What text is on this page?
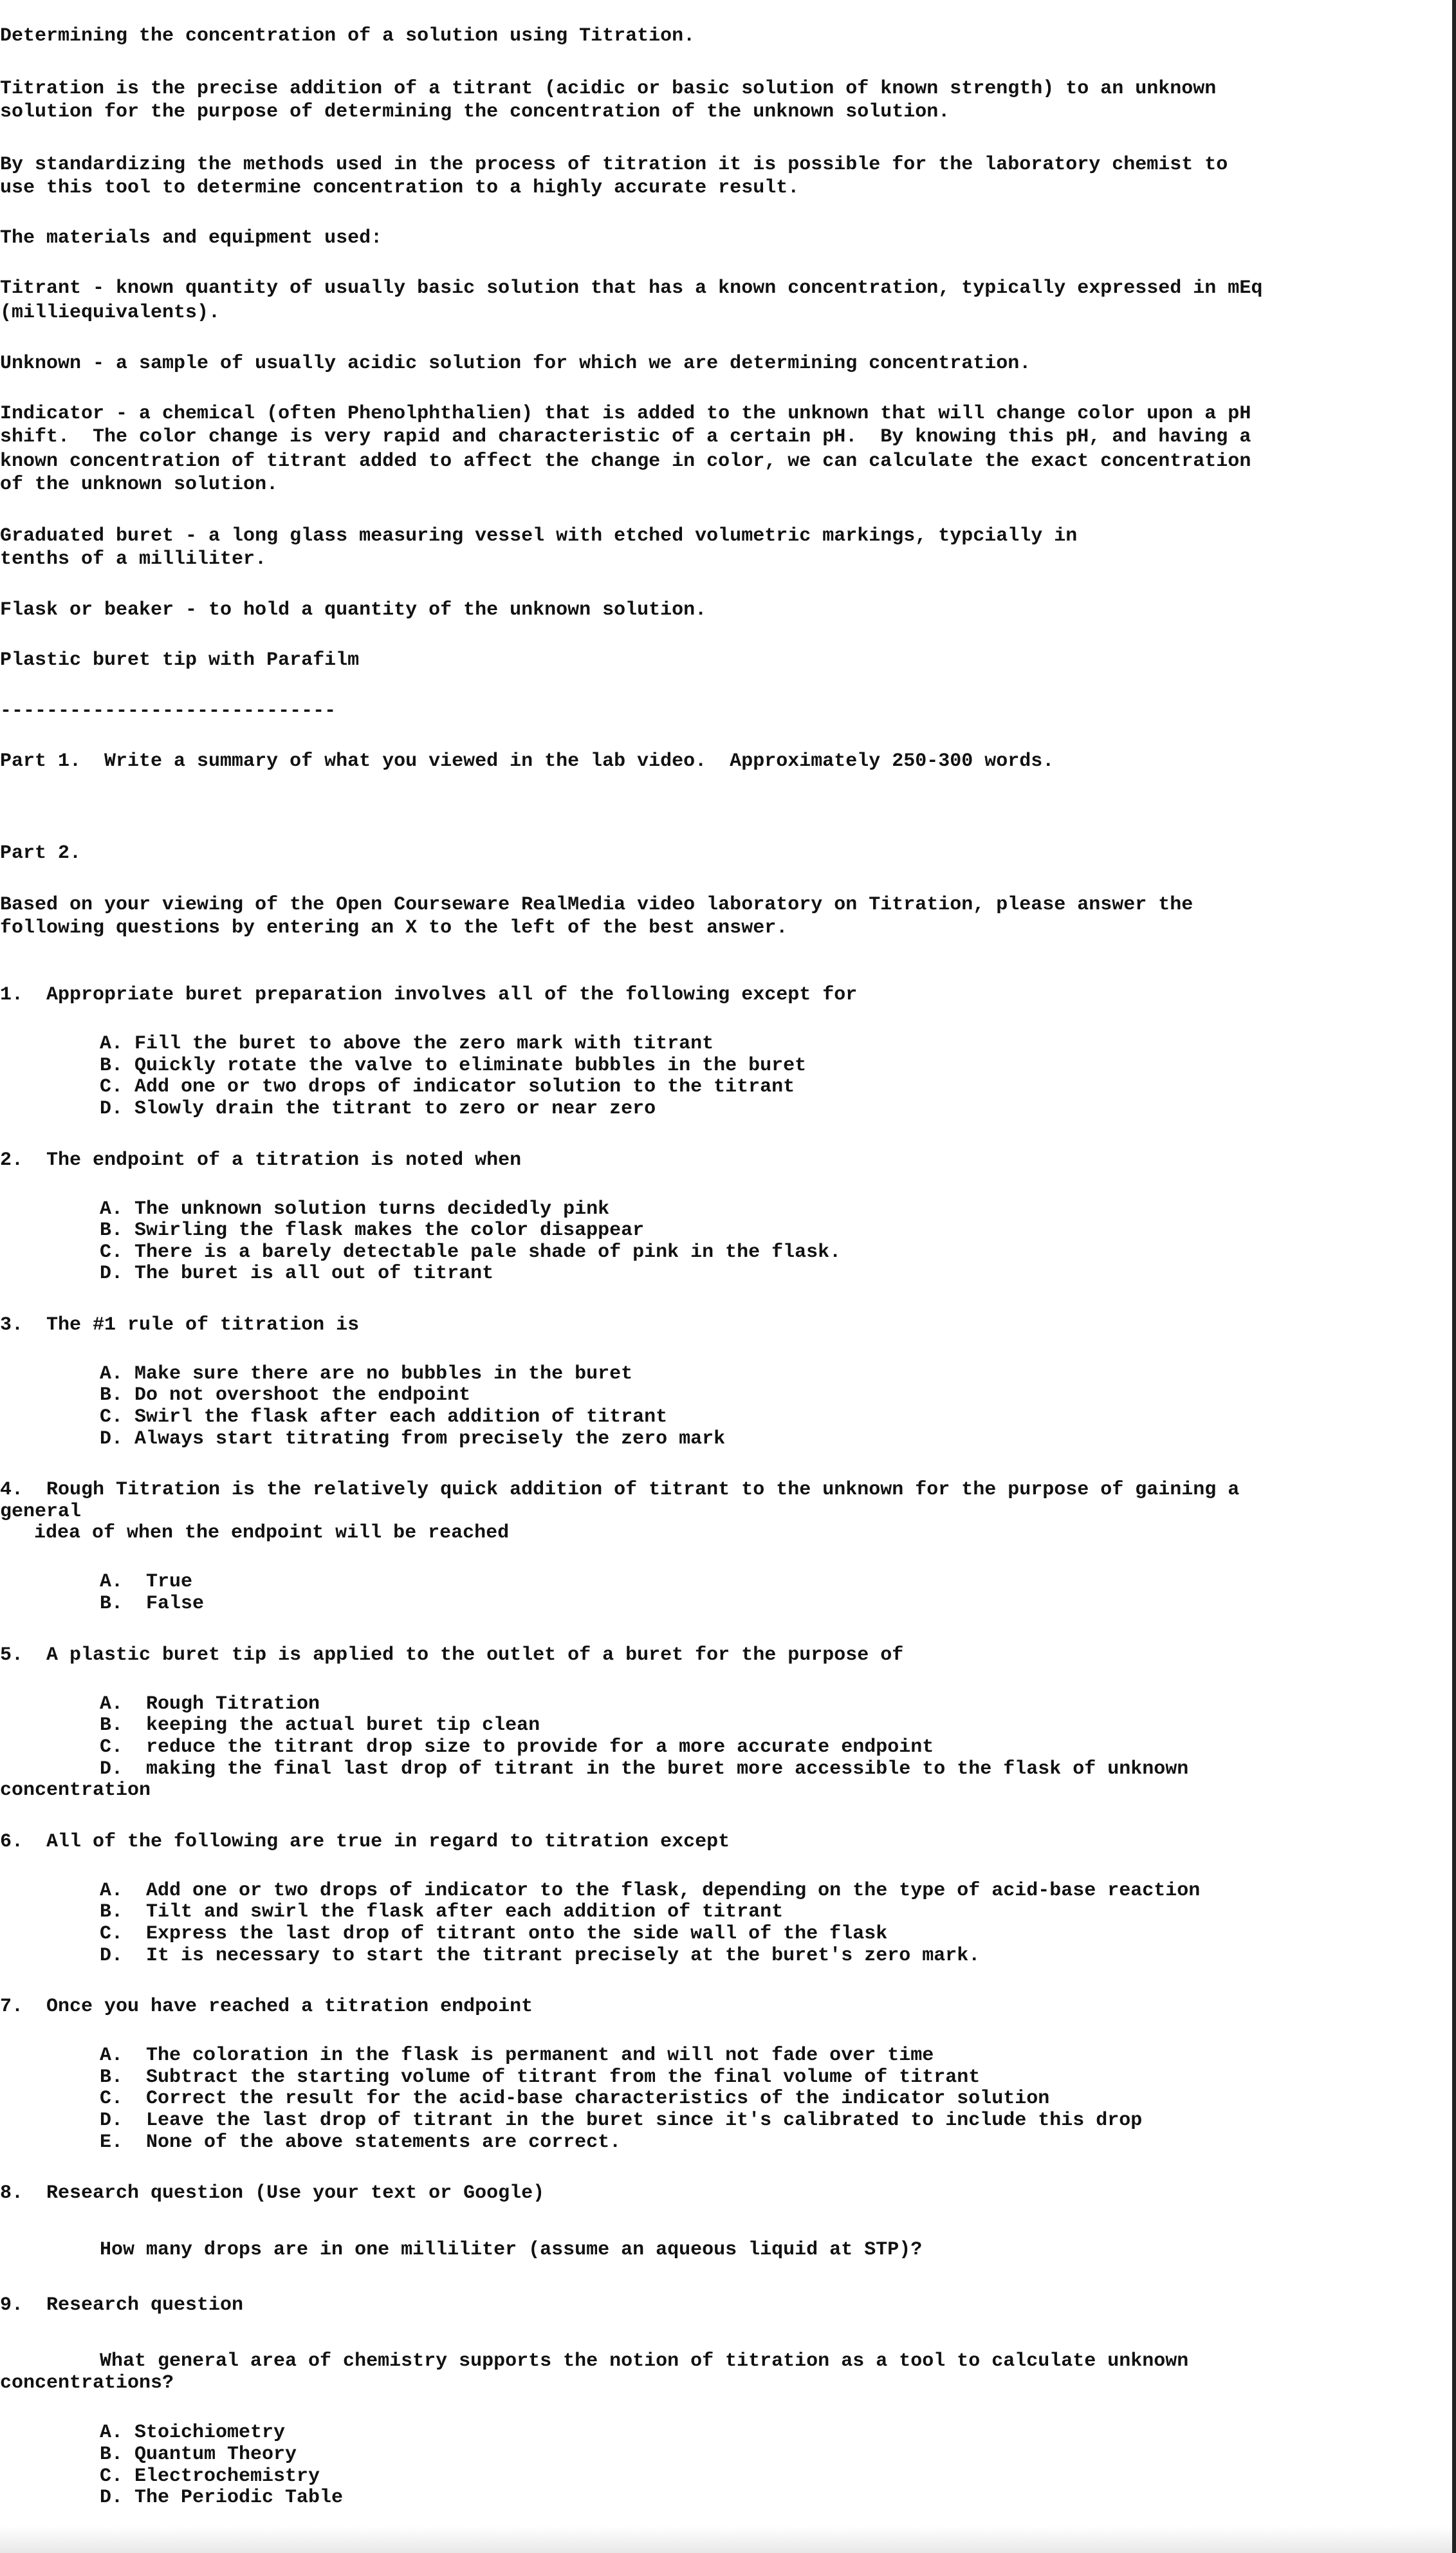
Determining the concentration of a solution using Titration.
Titration is the precise addition of a titrant (acidic or basic solution of known strength) to an unknown
solution for the purpose of determining the concentration of the unknown solution.
By standardizing the methods used in the process of titration it is possible for the laboratory chemist to
use this tool to determine concentration to a highly accurate result.
The materials and equipment used:
Titrant - known quantity of usually basic solution that has a known concentration, typically expressed in mEq
(milliequivalents).
Unknown - a sample of usually acidic solution for which we are determining concentration.
Indicator - a chemical (often Phenolphthalien) that is added to the unknown that will change color upon a pH
shift.  The color change is very rapid and characteristic of a certain pH.  By knowing this pH, and having a
known concentration of titrant added to affect the change in color, we can calculate the exact concentration
of the unknown solution.
Graduated buret - a long glass measuring vessel with etched volumetric markings, typcially in
tenths of a milliliter.
Flask or beaker - to hold a quantity of the unknown solution.
Plastic buret tip with Parafilm
-----------------------------
Part 1.  Write a summary of what you viewed in the lab video.  Approximately 250-300 words.
Part 2.
Based on your viewing of the Open Courseware RealMedia video laboratory on Titration, please answer the
following questions by entering an X to the left of the best answer.
1.  Appropriate buret preparation involves all of the following except for
A. Fill the buret to above the zero mark with titrant
B. Quickly rotate the valve to eliminate bubbles in the buret
C. Add one or two drops of indicator solution to the titrant
D. Slowly drain the titrant to zero or near zero
2.  The endpoint of a titration is noted when
A. The unknown solution turns decidedly pink
B. Swirling the flask makes the color disappear
C. There is a barely detectable pale shade of pink in the flask.
D. The buret is all out of titrant
3.  The #1 rule of titration is
A. Make sure there are no bubbles in the buret
B. Do not overshoot the endpoint
C. Swirl the flask after each addition of titrant
D. Always start titrating from precisely the zero mark
4.  Rough Titration is the relatively quick addition of titrant to the unknown for the purpose of gaining a
general
idea of when the endpoint will be reached
A.  True
B.  False
5.  A plastic buret tip is applied to the outlet of a buret for the purpose of
A.  Rough Titration
B.  keeping the actual buret tip clean
C.  reduce the titrant drop size to provide for a more accurate endpoint
D.  making the final last drop of titrant in the buret more accessible to the flask of unknown
concentration
6.  All of the following are true in regard to titration except
A.  Add one or two drops of indicator to the flask, depending on the type of acid-base reaction
B.  Tilt and swirl the flask after each addition of titrant
C.  Express the last drop of titrant onto the side wall of the flask
D.  It is necessary to start the titrant precisely at the buret's zero mark.
7.  Once you have reached a titration endpoint
A.  The coloration in the flask is permanent and will not fade over time
B.  Subtract the starting volume of titrant from the final volume of titrant
C.  Correct the result for the acid-base characteristics of the indicator solution
D.  Leave the last drop of titrant in the buret since it's calibrated to include this drop
E.  None of the above statements are correct.
8.  Research question (Use your text or Google)
How many drops are in one milliliter (assume an aqueous liquid at STP)?
9.  Research question
What general area of chemistry supports the notion of titration as a tool to calculate unknown
concentrations?
A. Stoichiometry
B. Quantum Theory
C. Electrochemistry
D. The Periodic Table
